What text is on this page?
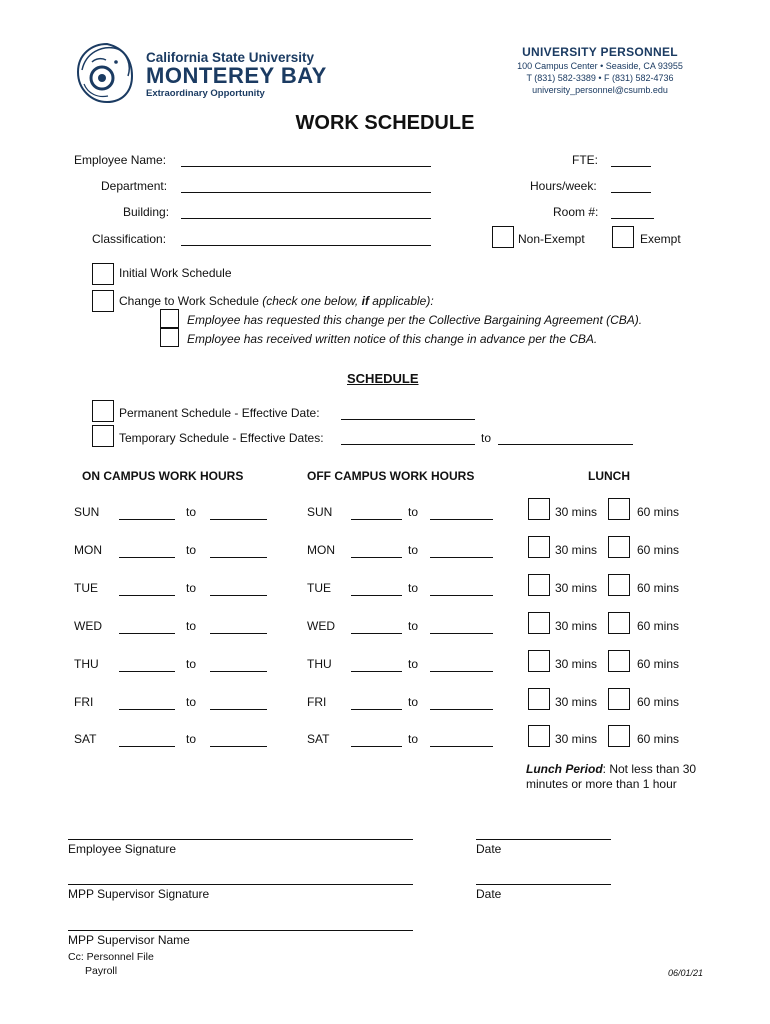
California State University
MONTEREY BAY
Extraordinary Opportunity
UNIVERSITY PERSONNEL
100 Campus Center • Seaside, CA 93955
T (831) 582-3389 • F (831) 582-4736
university_personnel@csumb.edu
WORK SCHEDULE
Employee Name:
Department:
Building:
Classification:
FTE:
Hours/week:
Room #:
Non-Exempt	Exempt
Initial Work Schedule
Change to Work Schedule (check one below, if applicable):
Employee has requested this change per the Collective Bargaining Agreement (CBA).
Employee has received written notice of this change in advance per the CBA.
SCHEDULE
Permanent Schedule - Effective Date:
Temporary Schedule - Effective Dates:	to
ON CAMPUS WORK HOURS	OFF CAMPUS WORK HOURS	LUNCH
SUN	to	SUN	to	30 mins	60 mins
MON	to	MON	to	30 mins	60 mins
TUE	to	TUE	to	30 mins	60 mins
WED	to	WED	to	30 mins	60 mins
THU	to	THU	to	30 mins	60 mins
FRI	to	FRI	to	30 mins	60 mins
SAT	to	SAT	to	30 mins	60 mins
Lunch Period: Not less than 30
minutes or more than 1 hour
Employee Signature	Date
MPP Supervisor Signature	Date
MPP Supervisor Name
Cc: Personnel File
Payroll	06/01/21
